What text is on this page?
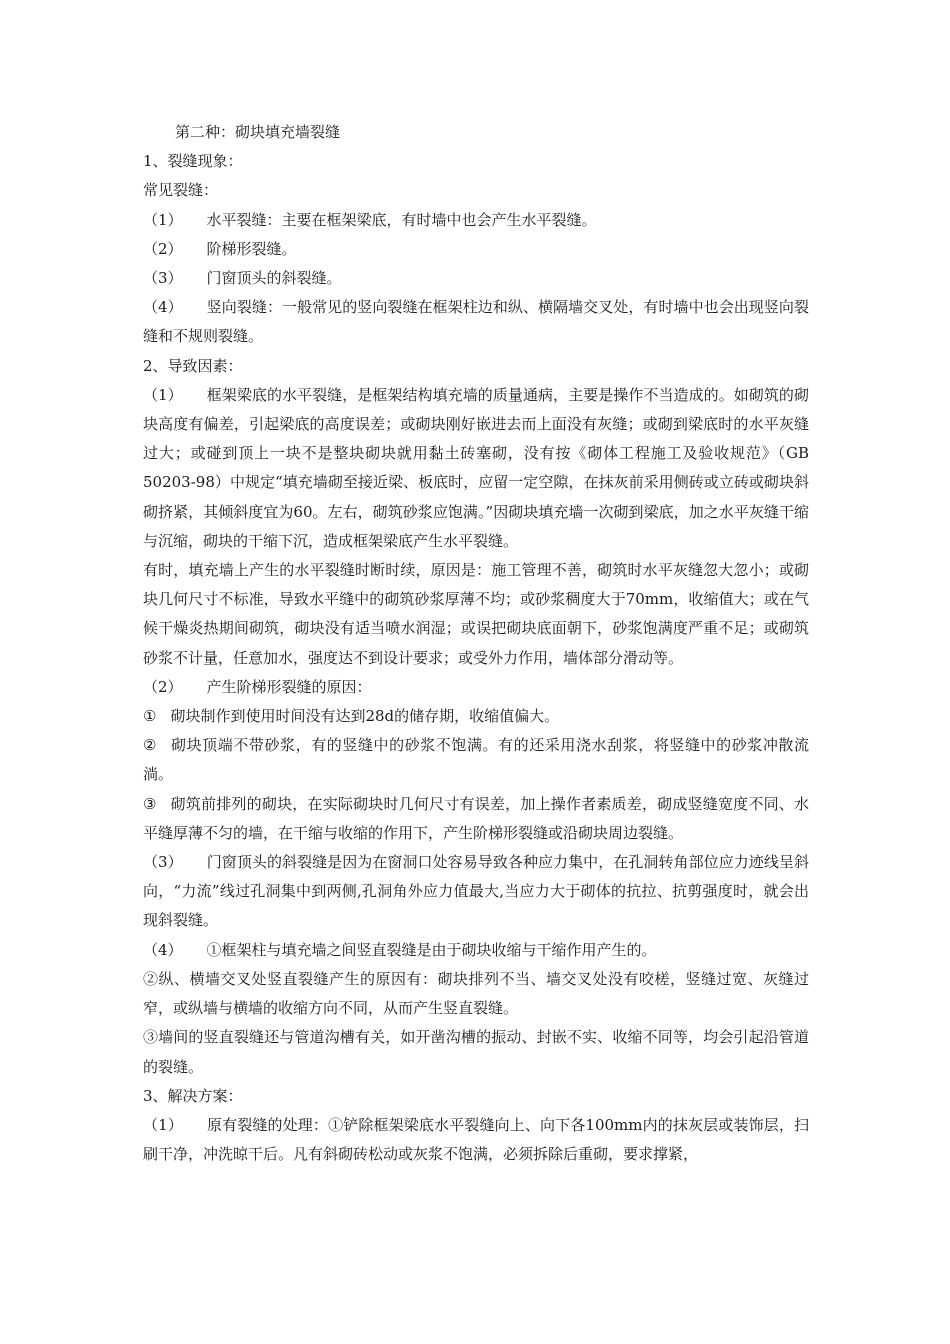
第二种：砌块填充墙裂缝

1、裂缝现象：

常见裂缝：

（1） 水平裂缝：主要在框架梁底，有时墙中也会产生水平裂缝。

（2） 阶梯形裂缝。

（3） 门窗顶头的斜裂缝。

（4） 竖向裂缝：一般常见的竖向裂缝在框架柱边和纵、横隔墙交叉处，有时墙中也会出现竖向裂缝和不规则裂缝。

2、导致因素：

（1） 框架梁底的水平裂缝，是框架结构填充墙的质量通病，主要是操作不当造成的。如砌筑的砌块高度有偏差，引起梁底的高度误差；或砌块刚好嵌进去而上面没有灰缝；或砌到梁底时的水平灰缝过大；或碰到顶上一块不是整块砌块就用黏土砖塞砌，没有按《砌体工程施工及验收规范》（GB 50203-98）中规定“填充墙砌至接近梁、板底时，应留一定空隙，在抹灰前采用侧砖或立砖或砌块斜砌挤紧，其倾斜度宜为60。左右，砌筑砂浆应饱满。”因砌块填充墙一次砌到梁底，加之水平灰缝干缩与沉缩，砌块的干缩下沉，造成框架梁底产生水平裂缝。

有时，填充墙上产生的水平裂缝时断时续，原因是：施工管理不善，砌筑时水平灰缝忽大忽小；或砌块几何尺寸不标准，导致水平缝中的砌筑砂浆厚薄不均；或砂浆稠度大于70mm，收缩值大；或在气候干燥炎热期间砌筑，砌块没有适当喷水润湿；或误把砌块底面朝下，砂浆饱满度严重不足；或砌筑砂浆不计量，任意加水，强度达不到设计要求；或受外力作用，墙体部分滑动等。

（2） 产生阶梯形裂缝的原因：

① 砌块制作到使用时间没有达到28d的储存期，收缩值偏大。

② 砌块顶端不带砂浆，有的竖缝中的砂浆不饱满。有的还采用浇水刮浆，将竖缝中的砂浆冲散流淌。

③ 砌筑前排列的砌块，在实际砌块时几何尺寸有误差，加上操作者素质差，砌成竖缝宽度不同、水平缝厚薄不匀的墙，在干缩与收缩的作用下，产生阶梯形裂缝或沿砌块周边裂缝。

（3） 门窗顶头的斜裂缝是因为在窗洞口处容易导致各种应力集中，在孔洞转角部位应力迹线呈斜向，“力流”线过孔洞集中到两侧,孔洞角外应力值最大,当应力大于砌体的抗拉、抗剪强度时，就会出现斜裂缝。

（4） ①框架柱与填充墙之间竖直裂缝是由于砌块收缩与干缩作用产生的。

②纵、横墙交叉处竖直裂缝产生的原因有：砌块排列不当、墙交叉处没有咬槎，竖缝过宽、灰缝过窄，或纵墙与横墙的收缩方向不同，从而产生竖直裂缝。

③墙间的竖直裂缝还与管道沟槽有关，如开凿沟槽的振动、封嵌不实、收缩不同等，均会引起沿管道的裂缝。

3、解决方案：

（1） 原有裂缝的处理：①铲除框架梁底水平裂缝向上、向下各100mm内的抹灰层或装饰层，扫刷干净，冲洗晾干后。凡有斜砌砖松动或灰浆不饱满，必须拆除后重砌，要求撑紧，
